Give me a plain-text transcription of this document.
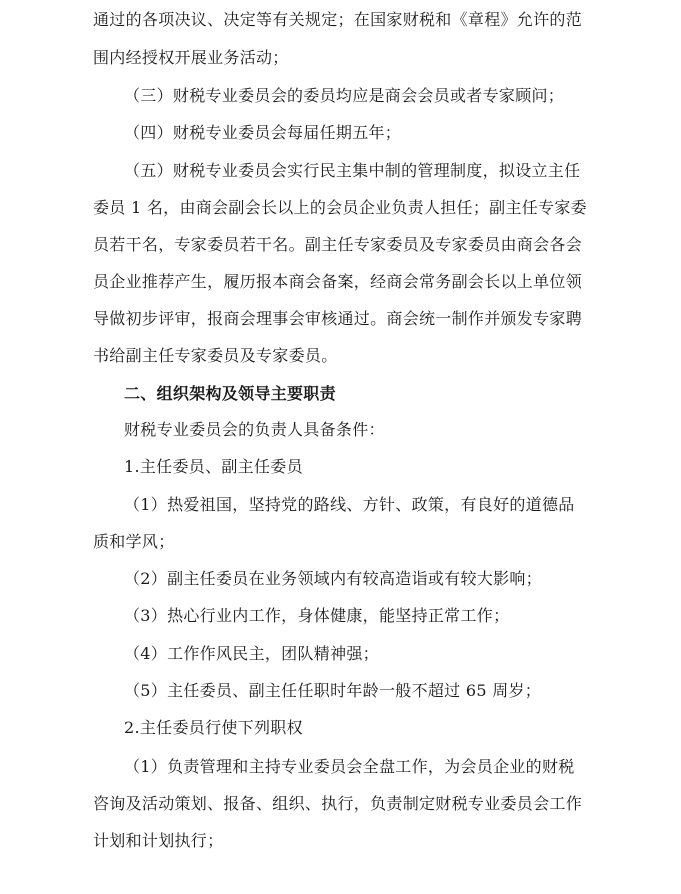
通过的各项决议、决定等有关规定；在国家财税和《章程》允许的范
围内经授权开展业务活动；
（三）财税专业委员会的委员均应是商会会员或者专家顾问；
（四）财税专业委员会每届任期五年；
（五）财税专业委员会实行民主集中制的管理制度，拟设立主任
委员 1 名，由商会副会长以上的会员企业负责人担任；副主任专家委
员若干名，专家委员若干名。副主任专家委员及专家委员由商会各会
员企业推荐产生，履历报本商会备案，经商会常务副会长以上单位领
导做初步评审，报商会理事会审核通过。商会统一制作并颁发专家聘
书给副主任专家委员及专家委员。
二、组织架构及领导主要职责
财税专业委员会的负责人具备条件：
1.主任委员、副主任委员
（1）热爱祖国，坚持党的路线、方针、政策，有良好的道德品
质和学风；
（2）副主任委员在业务领域内有较高造诣或有较大影响；
（3）热心行业内工作，身体健康，能坚持正常工作；
（4）工作作风民主，团队精神强；
（5）主任委员、副主任任职时年龄一般不超过 65 周岁；
2.主任委员行使下列职权
（1）负责管理和主持专业委员会全盘工作，为会员企业的财税
咨询及活动策划、报备、组织、执行，负责制定财税专业委员会工作
计划和计划执行；
